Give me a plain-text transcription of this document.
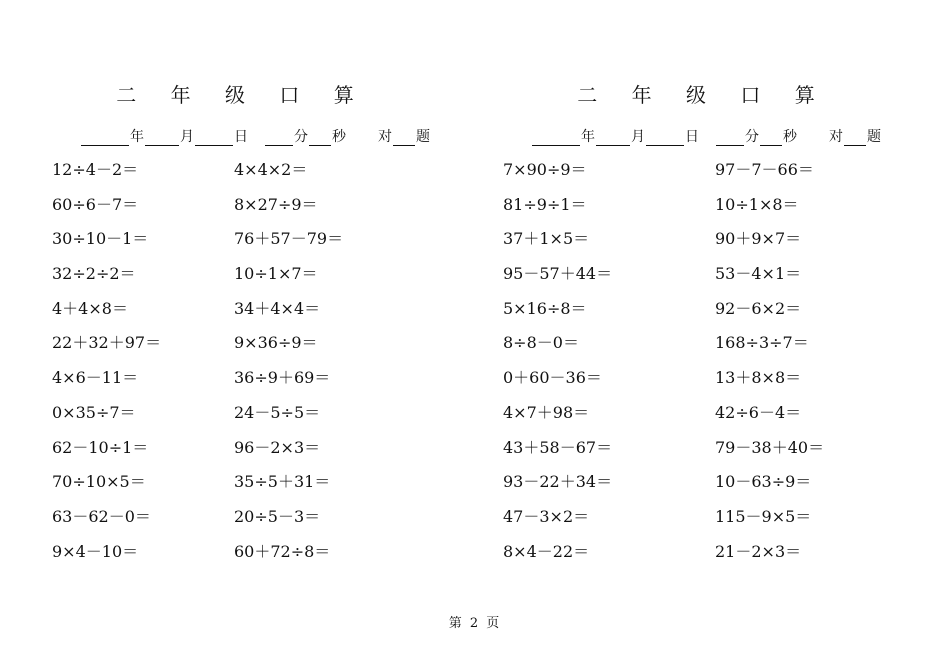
二 年 级 口 算
年	月	日	分 秒 对 题
12÷4－2＝	4×4×2＝
60÷6－7＝	8×27÷9＝
30÷10－1＝	76＋57－79＝
32÷2÷2＝	10÷1×7＝
4＋4×8＝	34＋4×4＝
22＋32＋97＝	9×36÷9＝
4×6－11＝	36÷9＋69＝
0×35÷7＝	24－5÷5＝
62－10÷1＝	96－2×3＝
70÷10×5＝	35÷5＋31＝
63－62－0＝	20÷5－3＝
9×4－10＝	60＋72÷8＝
二 年 级 口 算
年	月	日	分 秒 对 题
7×90÷9＝	97－7－66＝
81÷9÷1＝	10÷1×8＝
37＋1×5＝	90＋9×7＝
95－57＋44＝	53－4×1＝
5×16÷8＝	92－6×2＝
8÷8－0＝	168÷3÷7＝
0＋60－36＝	13＋8×8＝
4×7＋98＝	42÷6－4＝
43＋58－67＝	79－38＋40＝
93－22＋34＝	10－63÷9＝
47－3×2＝	115－9×5＝
8×4－22＝	21－2×3＝
第 2 页
